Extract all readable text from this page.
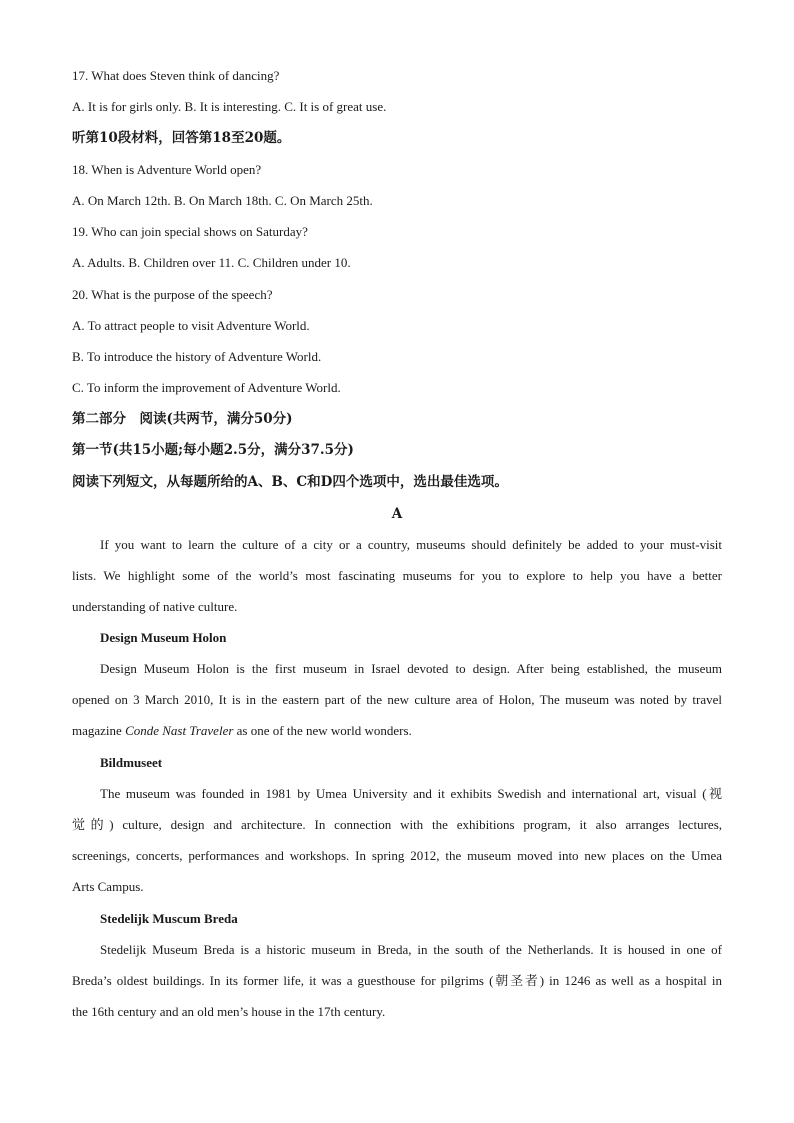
17. What does Steven think of dancing?
A. It is for girls only. B. It is interesting. C. It is of great use.
听第10段材料，回答第18至20题。
18. When is Adventure World open?
A. On March 12th. B. On March 18th. C. On March 25th.
19. Who can join special shows on Saturday?
A. Adults. B. Children over 11. C. Children under 10.
20. What is the purpose of the speech?
A. To attract people to visit Adventure World.
B. To introduce the history of Adventure World.
C. To inform the improvement of Adventure World.
第二部分　阅读(共两节，满分50分)
第一节(共15小题;每小题2.5分，满分37.5分)
阅读下列短文，从每题所给的A、B、C和D四个选项中，选出最佳选项。
A
If you want to learn the culture of a city or a country, museums should definitely be added to your must-visit
lists. We highlight some of the world’s most fascinating museums for you to explore to help you have a better
understanding of native culture.
Design Museum Holon
Design Museum Holon is the first museum in Israel devoted to design. After being established, the museum
opened on 3 March 2010, It is in the eastern part of the new culture area of Holon, The museum was noted by travel
magazine Conde Nast Traveler as one of the new world wonders.
Bildmuseet
The museum was founded in 1981 by Umea University and it exhibits Swedish and international art, visual (视
觉的) culture, design and architecture. In connection with the exhibitions program, it also arranges lectures,
screenings, concerts, performances and workshops. In spring 2012, the museum moved into new places on the Umea
Arts Campus.
Stedelijk Muscum Breda
Stedelijk Museum Breda is a historic museum in Breda, in the south of the Netherlands. It is housed in one of
Breda’s oldest buildings. In its former life, it was a guesthouse for pilgrims (朝圣者) in 1246 as well as a hospital in
the 16th century and an old men’s house in the 17th century.
